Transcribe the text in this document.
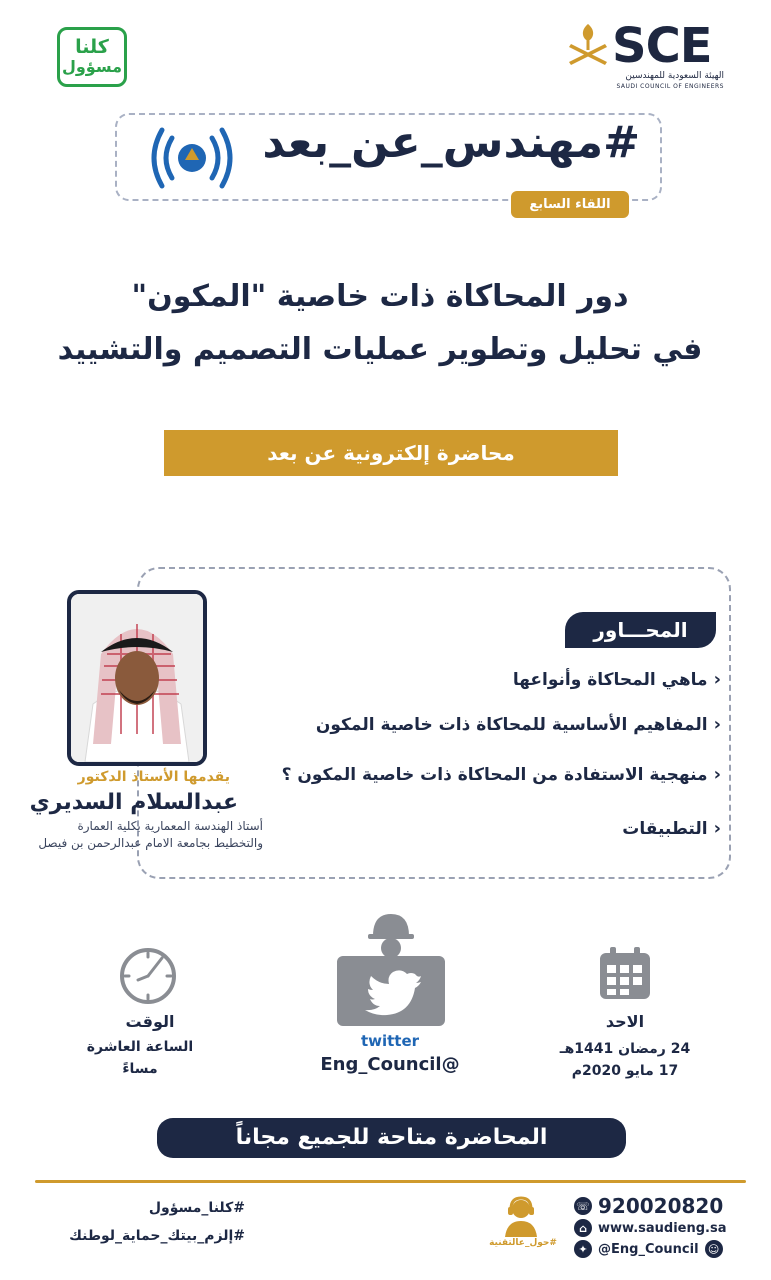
كلنا
مسؤول	SCE
الهيئة السعودية للمهندسين
SAUDI COUNCIL OF ENGINEERS
#مهندس_عن_بعد
اللقاء السابع
دور المحاكاة ذات خاصية "المكون"
في تحليل وتطوير عمليات التصميم والتشييد
محاضرة إلكترونية عن بعد
المحـــاور
‹ماهي المحاكاة وأنواعها
‹المفاهيم الأساسية للمحاكاة ذات خاصية المكون
‹منهجية الاستفادة من المحاكاة ذات خاصية المكون ؟
‹التطبيقات
يقدمها الأستاذ الدكتور
عبدالسلام السديري
أستاذ الهندسة المعمارية بكلية العمارة
والتخطيط بجامعة الامام عبدالرحمن بن فيصل
الاحد
24 رمضان 1441هـ
17 مايو 2020م
twitter
@Eng_Council
الوقت
الساعة العاشرة
مساءً
المحاضرة متاحة للجميع مجاناً
#كلنا_مسؤول
#إلزم_بيتك_حماية_لوطنك	#حول_عالتقنية
☏ 920020820
⌂ www.saudieng.sa
✦ @Eng_Council ☺
